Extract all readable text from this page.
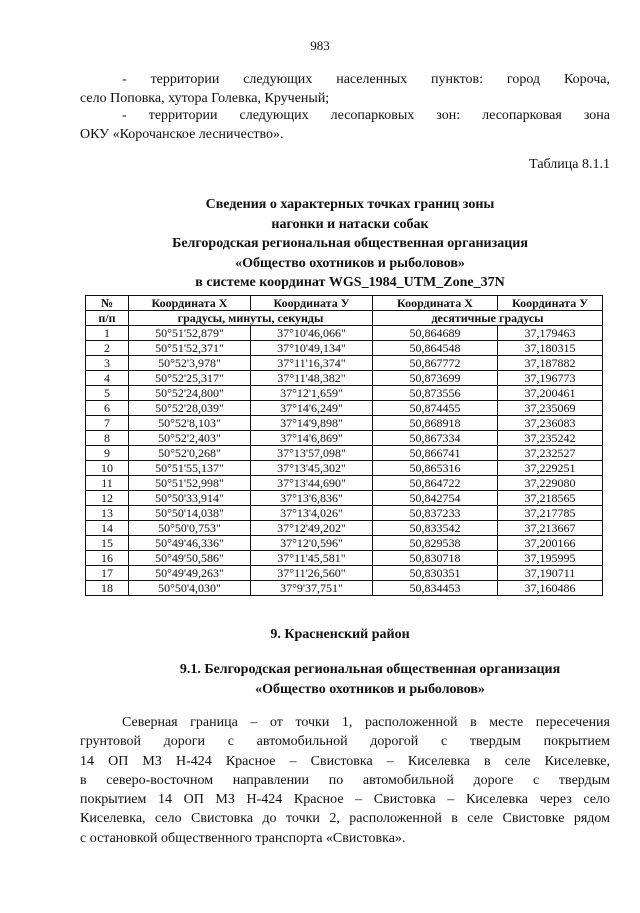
983
- территории следующих населенных пунктов: город Короча,
село Поповка, хутора Голевка, Крученый;
- территории следующих лесопарковых зон: лесопарковая зона
ОКУ «Корочанское лесничество».
Таблица 8.1.1
Сведения о характерных точках границ зоны
нагонки и натаски собак
Белгородская региональная общественная организация
«Общество охотников и рыболовов»
в системе координат WGS_1984_UTM_Zone_37N
№	Координата X	Координата У	Координата X	Координата У
п/п	градусы, минуты, секунды		десятичные градусы	
1	50°51'52,879"	37°10'46,066"	50,864689	37,179463
2	50°51'52,371"	37°10'49,134"	50,864548	37,180315
3	50°52'3,978"	37°11'16,374"	50,867772	37,187882
4	50°52'25,317"	37°11'48,382"	50,873699	37,196773
5	50°52'24,800"	37°12'1,659"	50,873556	37,200461
6	50°52'28,039"	37°14'6,249"	50,874455	37,235069
7	50°52'8,103"	37°14'9,898"	50,868918	37,236083
8	50°52'2,403"	37°14'6,869"	50,867334	37,235242
9	50°52'0,268"	37°13'57,098"	50,866741	37,232527
10	50°51'55,137"	37°13'45,302"	50,865316	37,229251
11	50°51'52,998"	37°13'44,690"	50,864722	37,229080
12	50°50'33,914"	37°13'6,836"	50,842754	37,218565
13	50°50'14,038"	37°13'4,026"	50,837233	37,217785
14	50°50'0,753"	37°12'49,202"	50,833542	37,213667
15	50°49'46,336"	37°12'0,596"	50,829538	37,200166
16	50°49'50,586"	37°11'45,581"	50,830718	37,195995
17	50°49'49,263"	37°11'26,560"	50,830351	37,190711
18	50°50'4,030"	37°9'37,751"	50,834453	37,160486
9. Красненский район
9.1. Белгородская региональная общественная организация
«Общество охотников и рыболовов»
Северная граница – от точки 1, расположенной в месте пересечения
грунтовой дороги с автомобильной дорогой с твердым покрытием
14 ОП МЗ Н-424 Красное – Свистовка – Киселевка в селе Киселевке,
в северо-восточном направлении по автомобильной дороге с твердым
покрытием 14 ОП МЗ Н-424 Красное – Свистовка – Киселевка через село
Киселевка, село Свистовка до точки 2, расположенной в селе Свистовке рядом
с остановкой общественного транспорта «Свистовка».
